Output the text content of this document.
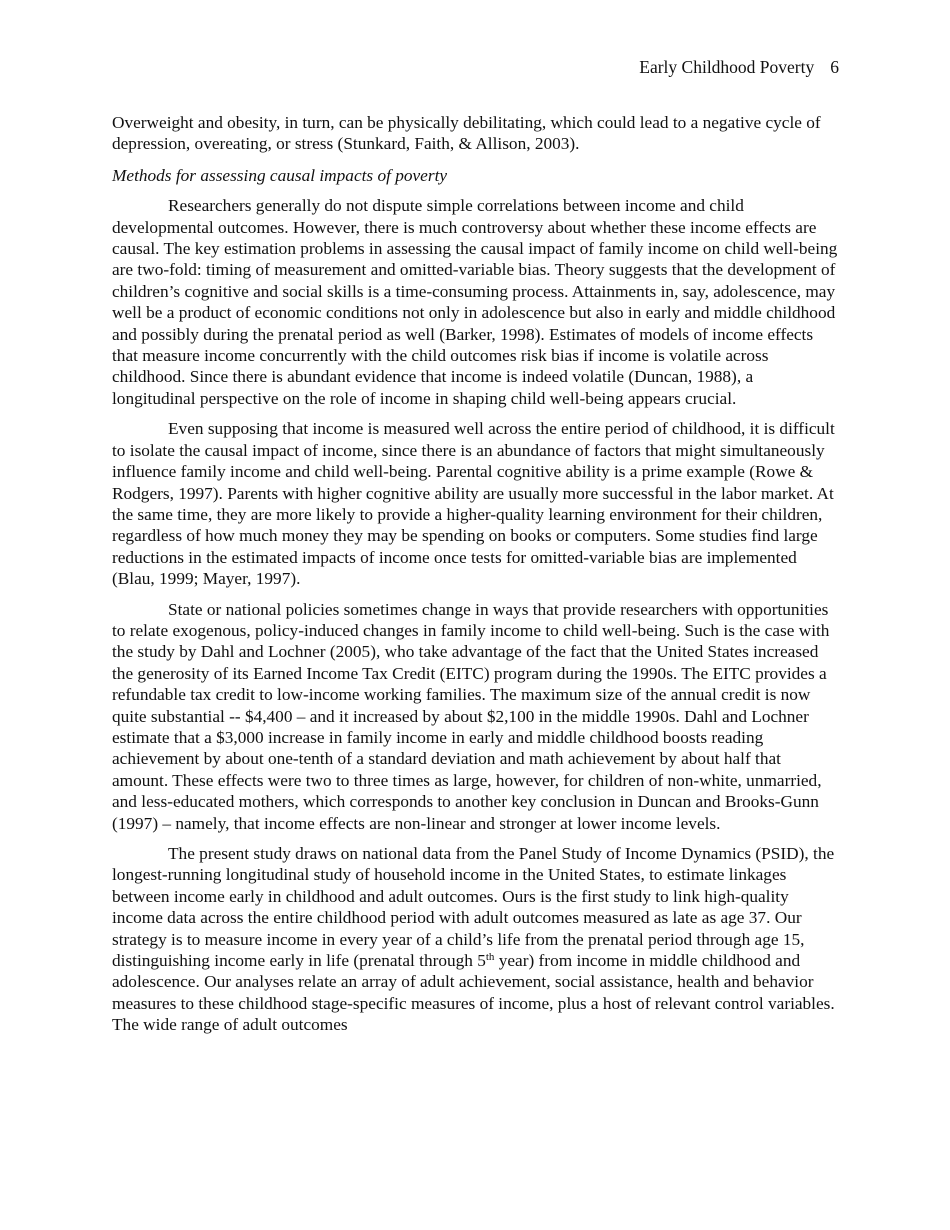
Early Childhood Poverty 6

Overweight and obesity, in turn, can be physically debilitating, which could lead to a negative cycle of depression, overeating, or stress (Stunkard, Faith, & Allison, 2003).

Methods for assessing causal impacts of poverty

Researchers generally do not dispute simple correlations between income and child developmental outcomes. However, there is much controversy about whether these income effects are causal. The key estimation problems in assessing the causal impact of family income on child well-being are two-fold: timing of measurement and omitted-variable bias. Theory suggests that the development of children’s cognitive and social skills is a time-consuming process. Attainments in, say, adolescence, may well be a product of economic conditions not only in adolescence but also in early and middle childhood and possibly during the prenatal period as well (Barker, 1998). Estimates of models of income effects that measure income concurrently with the child outcomes risk bias if income is volatile across childhood. Since there is abundant evidence that income is indeed volatile (Duncan, 1988), a longitudinal perspective on the role of income in shaping child well-being appears crucial.

Even supposing that income is measured well across the entire period of childhood, it is difficult to isolate the causal impact of income, since there is an abundance of factors that might simultaneously influence family income and child well-being. Parental cognitive ability is a prime example (Rowe & Rodgers, 1997). Parents with higher cognitive ability are usually more successful in the labor market. At the same time, they are more likely to provide a higher-quality learning environment for their children, regardless of how much money they may be spending on books or computers. Some studies find large reductions in the estimated impacts of income once tests for omitted-variable bias are implemented (Blau, 1999; Mayer, 1997).

State or national policies sometimes change in ways that provide researchers with opportunities to relate exogenous, policy-induced changes in family income to child well-being. Such is the case with the study by Dahl and Lochner (2005), who take advantage of the fact that the United States increased the generosity of its Earned Income Tax Credit (EITC) program during the 1990s. The EITC provides a refundable tax credit to low-income working families. The maximum size of the annual credit is now quite substantial -- $4,400 – and it increased by about $2,100 in the middle 1990s. Dahl and Lochner estimate that a $3,000 increase in family income in early and middle childhood boosts reading achievement by about one-tenth of a standard deviation and math achievement by about half that amount. These effects were two to three times as large, however, for children of non-white, unmarried, and less-educated mothers, which corresponds to another key conclusion in Duncan and Brooks-Gunn (1997) – namely, that income effects are non-linear and stronger at lower income levels.

The present study draws on national data from the Panel Study of Income Dynamics (PSID), the longest-running longitudinal study of household income in the United States, to estimate linkages between income early in childhood and adult outcomes. Ours is the first study to link high-quality income data across the entire childhood period with adult outcomes measured as late as age 37. Our strategy is to measure income in every year of a child’s life from the prenatal period through age 15, distinguishing income early in life (prenatal through 5th year) from income in middle childhood and adolescence. Our analyses relate an array of adult achievement, social assistance, health and behavior measures to these childhood stage-specific measures of income, plus a host of relevant control variables. The wide range of adult outcomes
